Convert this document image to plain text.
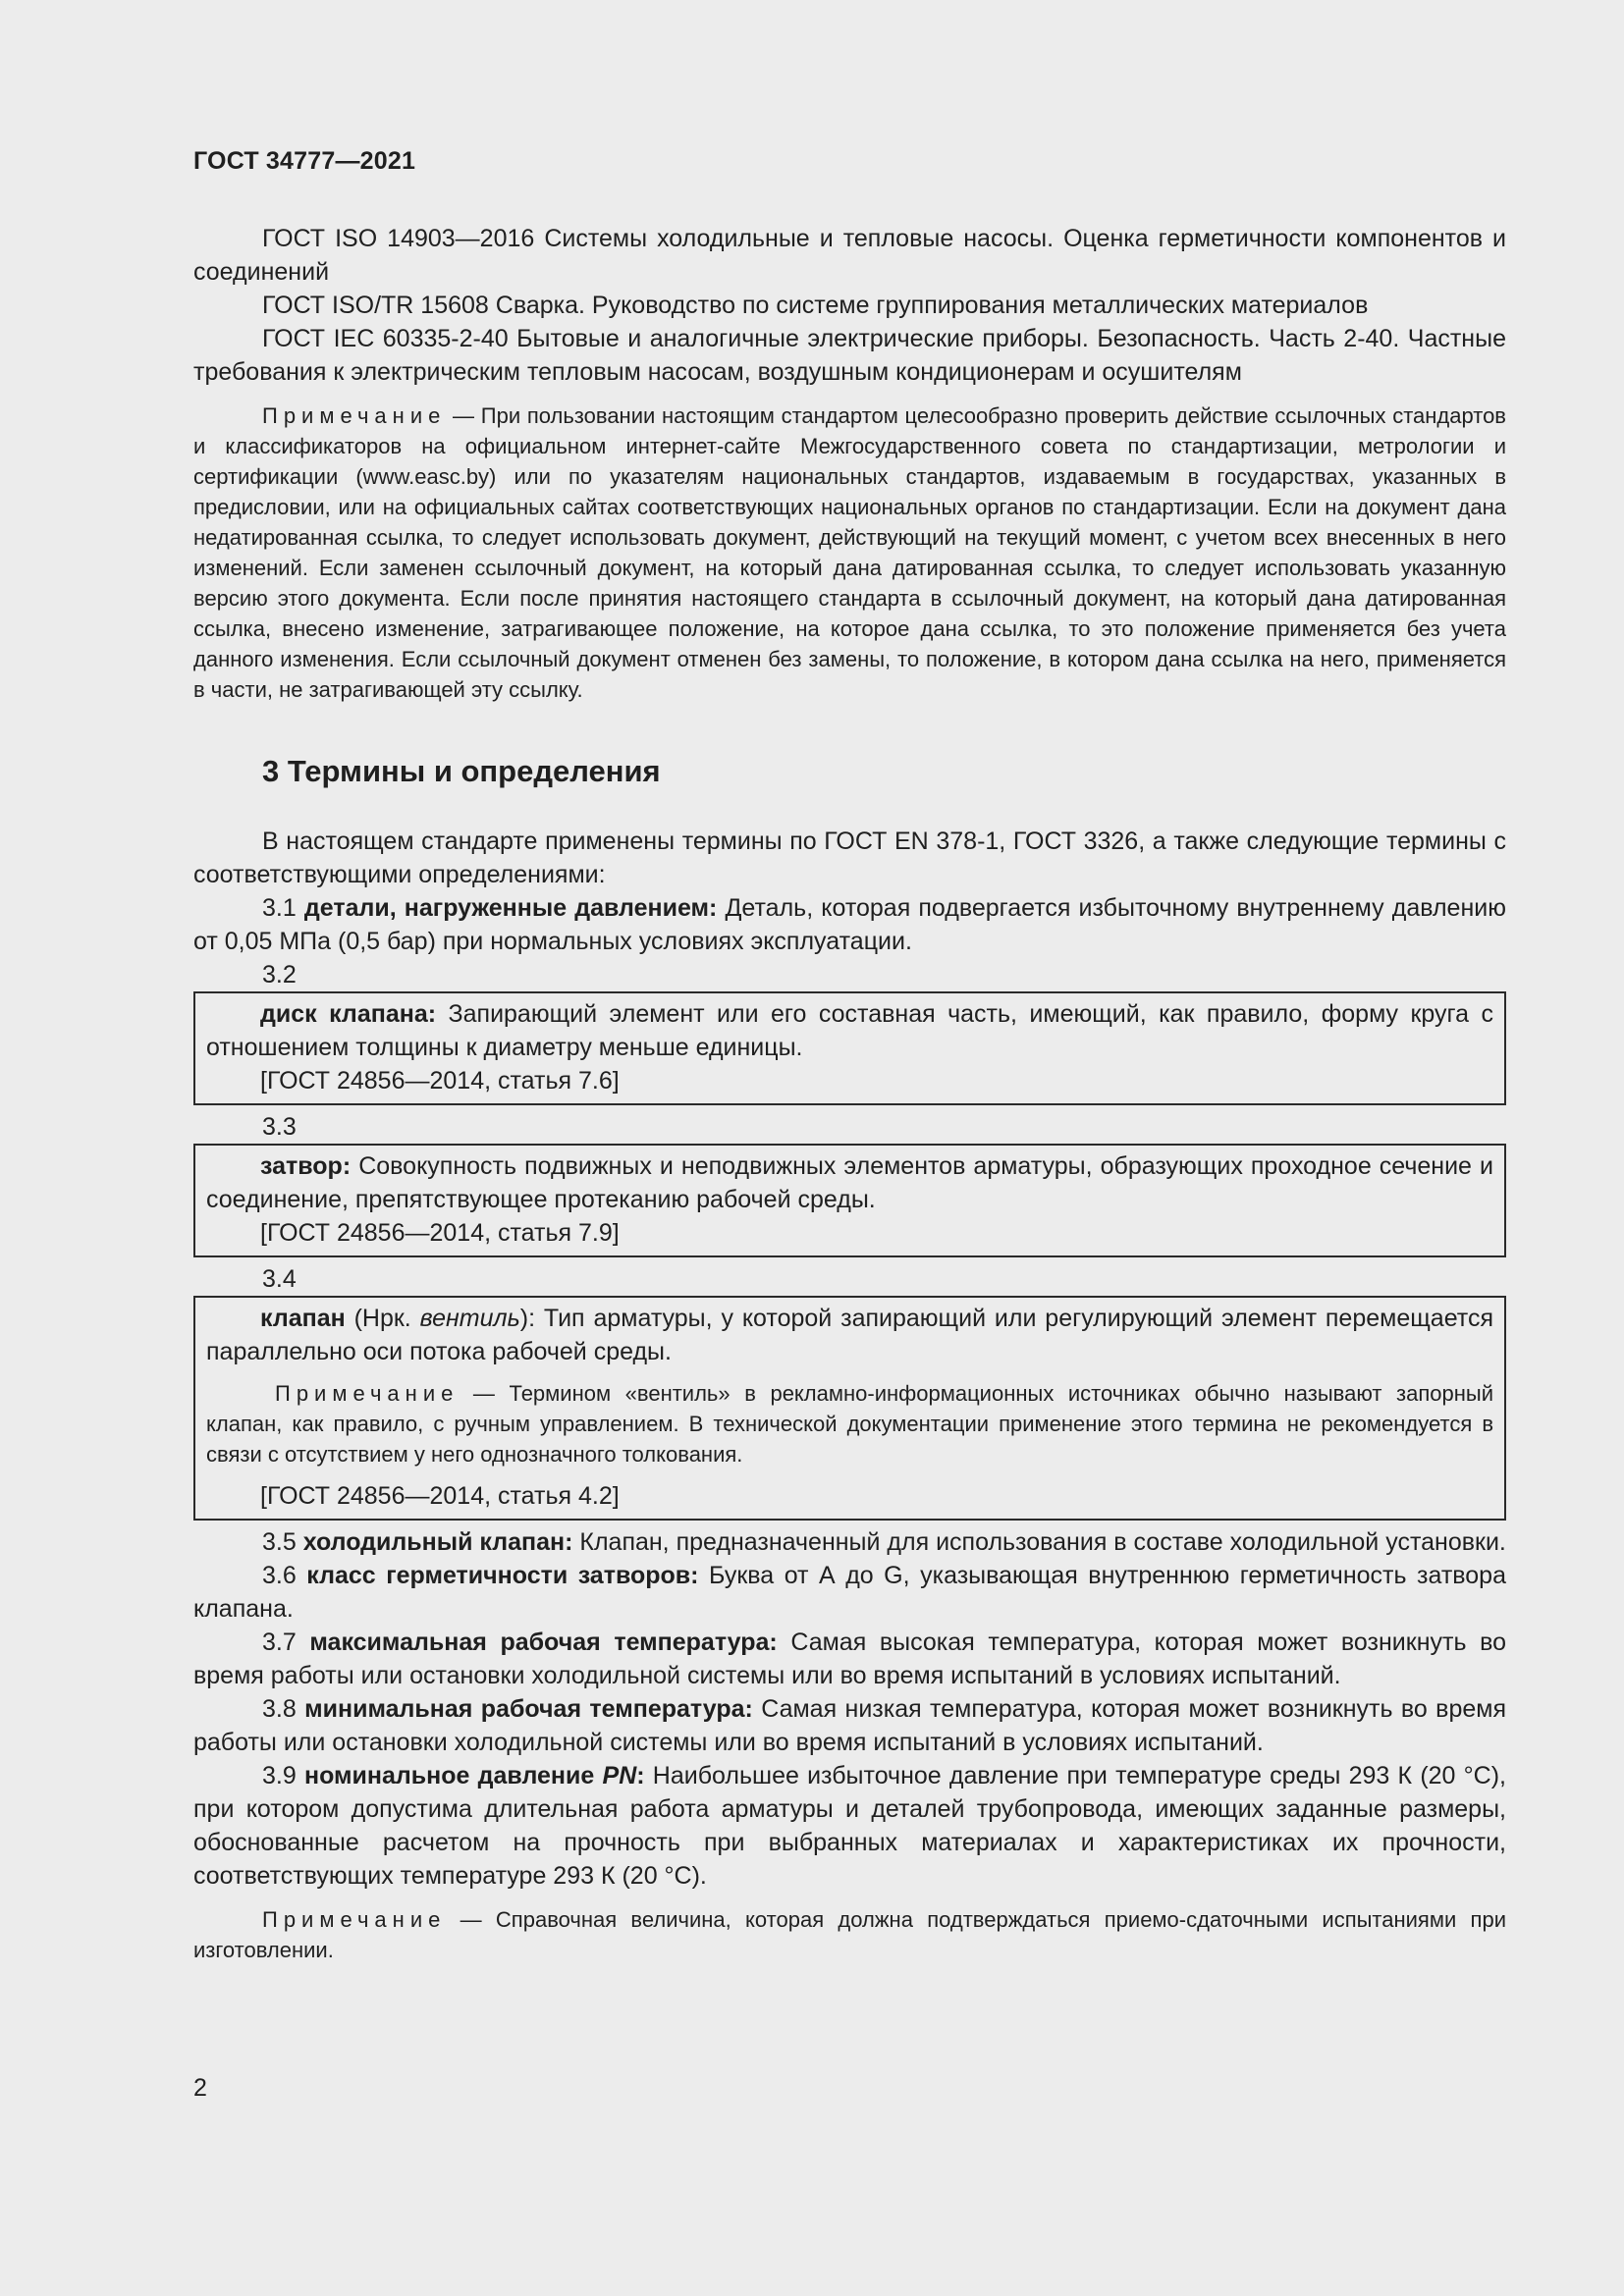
ГОСТ 34777—2021

ГОСТ ISO 14903—2016 Системы холодильные и тепловые насосы. Оценка герметичности компонентов и соединений

ГОСТ ISO/TR 15608 Сварка. Руководство по системе группирования металлических материалов

ГОСТ IEC 60335-2-40 Бытовые и аналогичные электрические приборы. Безопасность. Часть 2-40. Частные требования к электрическим тепловым насосам, воздушным кондиционерам и осушителям

Примечание — При пользовании настоящим стандартом целесообразно проверить действие ссылочных стандартов и классификаторов на официальном интернет-сайте Межгосударственного совета по стандартизации, метрологии и сертификации (www.easc.by) или по указателям национальных стандартов, издаваемым в государствах, указанных в предисловии, или на официальных сайтах соответствующих национальных органов по стандартизации. Если на документ дана недатированная ссылка, то следует использовать документ, действующий на текущий момент, с учетом всех внесенных в него изменений. Если заменен ссылочный документ, на который дана датированная ссылка, то следует использовать указанную версию этого документа. Если после принятия настоящего стандарта в ссылочный документ, на который дана датированная ссылка, внесено изменение, затрагивающее положение, на которое дана ссылка, то это положение применяется без учета данного изменения. Если ссылочный документ отменен без замены, то положение, в котором дана ссылка на него, применяется в части, не затрагивающей эту ссылку.

3 Термины и определения

В настоящем стандарте применены термины по ГОСТ EN 378-1, ГОСТ 3326, а также следующие термины с соответствующими определениями:

3.1 детали, нагруженные давлением: Деталь, которая подвергается избыточному внутреннему давлению от 0,05 МПа (0,5 бар) при нормальных условиях эксплуатации.

3.2

диск клапана: Запирающий элемент или его составная часть, имеющий, как правило, форму круга с отношением толщины к диаметру меньше единицы.

[ГОСТ 24856—2014, статья 7.6]
3.3

затвор: Совокупность подвижных и неподвижных элементов арматуры, образующих проходное сечение и соединение, препятствующее протеканию рабочей среды.

[ГОСТ 24856—2014, статья 7.9]
3.4

клапан (Нрк. вентиль): Тип арматуры, у которой запирающий или регулирующий элемент перемещается параллельно оси потока рабочей среды.

Примечание — Термином «вентиль» в рекламно-информационных источниках обычно называют запорный клапан, как правило, с ручным управлением. В технической документации применение этого термина не рекомендуется в связи с отсутствием у него однозначного толкования.

[ГОСТ 24856—2014, статья 4.2]

3.5 холодильный клапан: Клапан, предназначенный для использования в составе холодильной установки.

3.6 класс герметичности затворов: Буква от А до G, указывающая внутреннюю герметичность затвора клапана.

3.7 максимальная рабочая температура: Самая высокая температура, которая может возникнуть во время работы или остановки холодильной системы или во время испытаний в условиях испытаний.

3.8 минимальная рабочая температура: Самая низкая температура, которая может возникнуть во время работы или остановки холодильной системы или во время испытаний в условиях испытаний.

3.9 номинальное давление PN: Наибольшее избыточное давление при температуре среды 293 К (20 °С), при котором допустима длительная работа арматуры и деталей трубопровода, имеющих заданные размеры, обоснованные расчетом на прочность при выбранных материалах и характеристиках их прочности, соответствующих температуре 293 К (20 °С).

Примечание — Справочная величина, которая должна подтверждаться приемо-сдаточными испытаниями при изготовлении.

2
